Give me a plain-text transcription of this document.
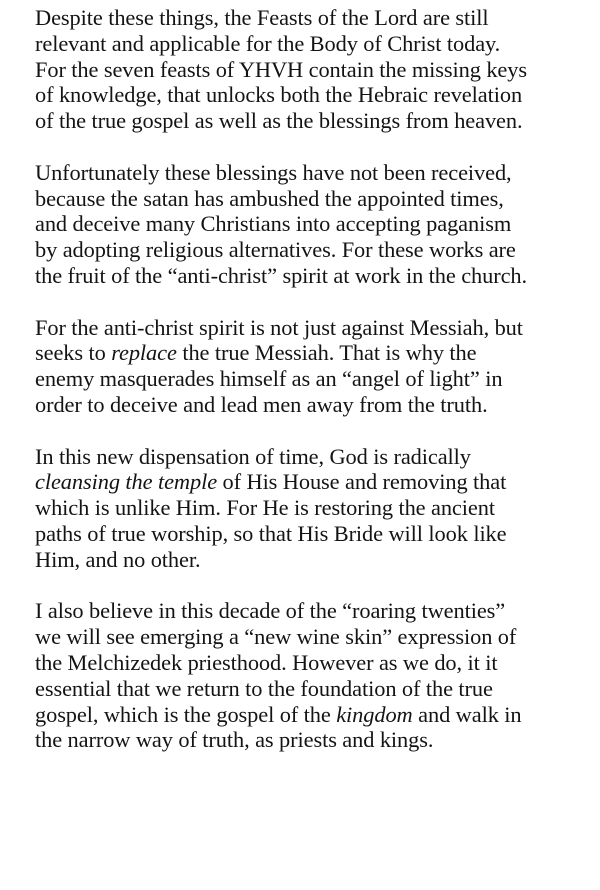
Despite these things, the Feasts of the Lord are still
relevant and applicable for the Body of Christ today.
For the seven feasts of YHVH contain the missing keys
of knowledge, that unlocks both the Hebraic revelation
of the true gospel as well as the blessings from heaven.

Unfortunately these blessings have not been received,
because the satan has ambushed the appointed times,
and deceive many Christians into accepting paganism
by adopting religious alternatives. For these works are
the fruit of the “anti-christ” spirit at work in the church.

For the anti-christ spirit is not just against Messiah, but
seeks to replace the true Messiah. That is why the
enemy masquerades himself as an “angel of light” in
order to deceive and lead men away from the truth.

In this new dispensation of time, God is radically
cleansing the temple of His House and removing that
which is unlike Him. For He is restoring the ancient
paths of true worship, so that His Bride will look like
Him, and no other.

I also believe in this decade of the “roaring twenties”
we will see emerging a “new wine skin” expression of
the Melchizedek priesthood. However as we do, it it
essential that we return to the foundation of the true
gospel, which is the gospel of the kingdom and walk in
the narrow way of truth, as priests and kings.
